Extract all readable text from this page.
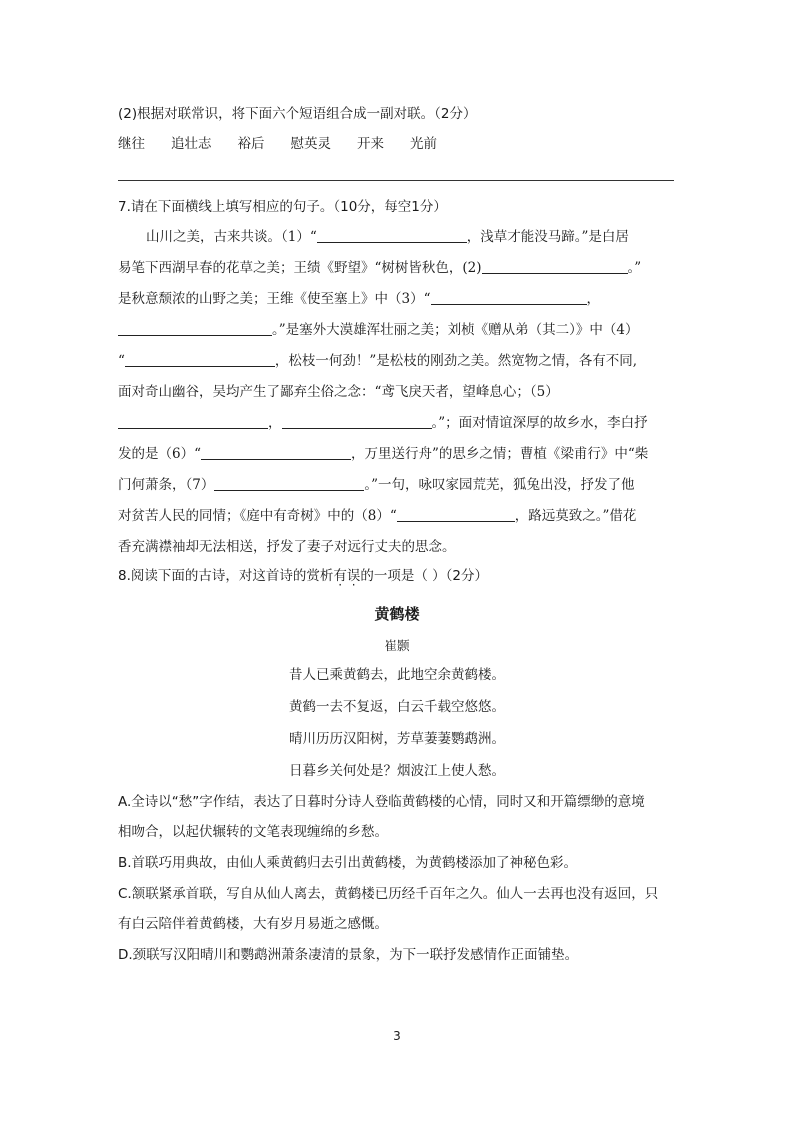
(2)根据对联常识，将下面六个短语组合成一副对联。（2分）
继往 追壮志 裕后 慰英灵 开来 光前
7.请在下面横线上填写相应的句子。（10分，每空1分）
山川之美，古来共谈。（1）“	，浅草才能没马蹄。”是白居
易笔下西湖早春的花草之美；王绩《野望》“树树皆秋色，(2)	。”
是秋意颓浓的山野之美；王维《使至塞上》中（3）“	，
。”是塞外大漠雄浑壮丽之美；刘桢《赠从弟（其二）》中（4）
“	，松枝一何劲！”是松枝的刚劲之美。然宽物之情，各有不同,
面对奇山幽谷，吴均产生了鄙弃尘俗之念：“鸢飞戾天者，望峰息心；（5）
，	。”；面对情谊深厚的故乡水，李白抒
发的是（6）“	，万里送行舟”的思乡之情；曹植《梁甫行》中“柴
门何萧条，（7）	。”一句，咏叹家园荒芜，狐兔出没，抒发了他
对贫苦人民的同情；《庭中有奇树》中的（8）“	，路远莫致之。”借花
香充满襟袖却无法相送，抒发了妻子对远行丈夫的思念。
8.阅读下面的古诗，对这首诗的赏析有误的一项是（ ）（2分）
黄鹤楼
崔颢
昔人已乘黄鹤去，此地空余黄鹤楼。
黄鹤一去不复返，白云千载空悠悠。
晴川历历汉阳树，芳草萋萋鹦鹉洲。
日暮乡关何处是？烟波江上使人愁。
A.全诗以“愁”字作结，表达了日暮时分诗人登临黄鹤楼的心情，同时又和开篇缥缈的意境
相吻合，以起伏辗转的文笔表现缠绵的乡愁。
B.首联巧用典故，由仙人乘黄鹤归去引出黄鹤楼，为黄鹤楼添加了神秘色彩。
C.颔联紧承首联，写自从仙人离去，黄鹤楼已历经千百年之久。仙人一去再也没有返回，只
有白云陪伴着黄鹤楼，大有岁月易逝之感慨。
D.颈联写汉阳晴川和鹦鹉洲萧条凄清的景象，为下一联抒发感情作正面铺垫。
3
